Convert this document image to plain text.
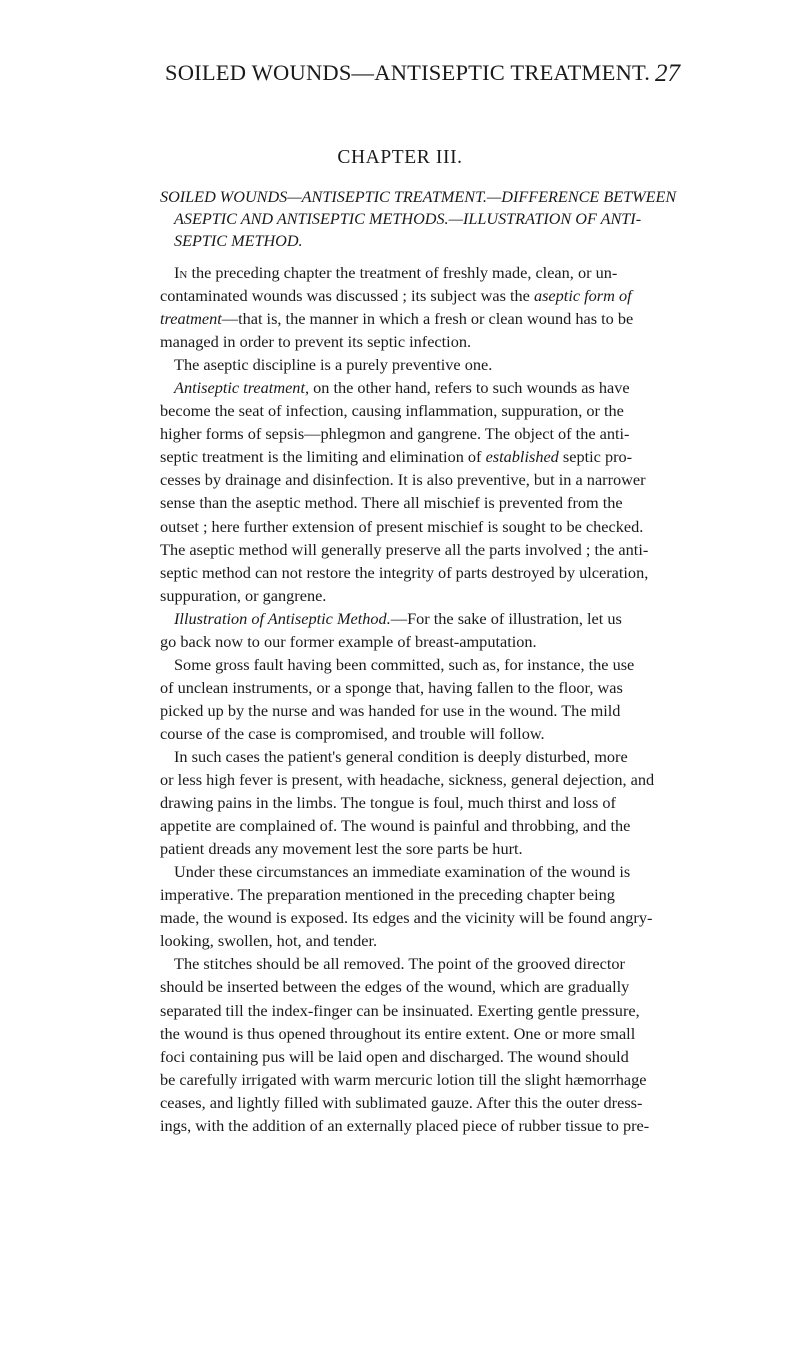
SOILED WOUNDS—ANTISEPTIC TREATMENT. 27
CHAPTER III.
SOILED WOUNDS—ANTISEPTIC TREATMENT.—DIFFERENCE BETWEEN
ASEPTIC AND ANTISEPTIC METHODS.—ILLUSTRATION OF ANTI-
SEPTIC METHOD.
In the preceding chapter the treatment of freshly made, clean, or un-
contaminated wounds was discussed ; its subject was the aseptic form of
treatment—that is, the manner in which a fresh or clean wound has to be
managed in order to prevent its septic infection.
The aseptic discipline is a purely preventive one.
Antiseptic treatment, on the other hand, refers to such wounds as have
become the seat of infection, causing inflammation, suppuration, or the
higher forms of sepsis—phlegmon and gangrene. The object of the anti-
septic treatment is the limiting and elimination of established septic pro-
cesses by drainage and disinfection. It is also preventive, but in a narrower
sense than the aseptic method. There all mischief is prevented from the
outset ; here further extension of present mischief is sought to be checked.
The aseptic method will generally preserve all the parts involved ; the anti-
septic method can not restore the integrity of parts destroyed by ulceration,
suppuration, or gangrene.
Illustration of Antiseptic Method.—For the sake of illustration, let us
go back now to our former example of breast-amputation.
Some gross fault having been committed, such as, for instance, the use
of unclean instruments, or a sponge that, having fallen to the floor, was
picked up by the nurse and was handed for use in the wound. The mild
course of the case is compromised, and trouble will follow.
In such cases the patient's general condition is deeply disturbed, more
or less high fever is present, with headache, sickness, general dejection, and
drawing pains in the limbs. The tongue is foul, much thirst and loss of
appetite are complained of. The wound is painful and throbbing, and the
patient dreads any movement lest the sore parts be hurt.
Under these circumstances an immediate examination of the wound is
imperative. The preparation mentioned in the preceding chapter being
made, the wound is exposed. Its edges and the vicinity will be found angry-
looking, swollen, hot, and tender.
The stitches should be all removed. The point of the grooved director
should be inserted between the edges of the wound, which are gradually
separated till the index-finger can be insinuated. Exerting gentle pressure,
the wound is thus opened throughout its entire extent. One or more small
foci containing pus will be laid open and discharged. The wound should
be carefully irrigated with warm mercuric lotion till the slight hæmorrhage
ceases, and lightly filled with sublimated gauze. After this the outer dress-
ings, with the addition of an externally placed piece of rubber tissue to pre-
